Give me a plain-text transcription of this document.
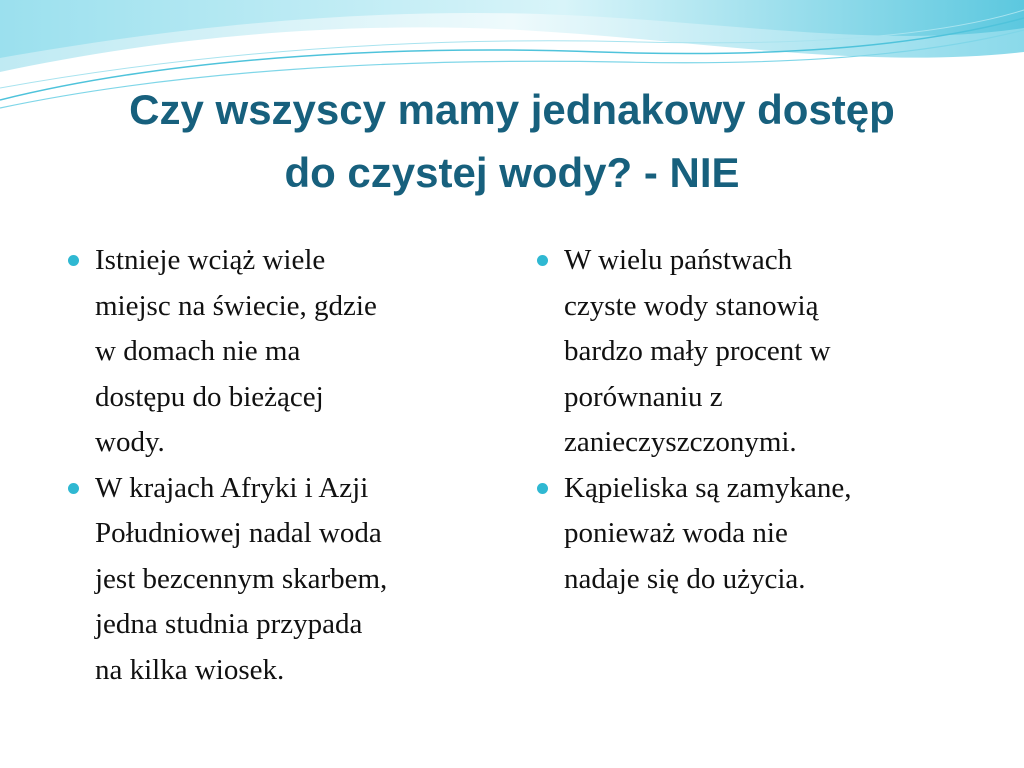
Czy wszyscy mamy jednakowy dostęp
do czystej wody? - NIE
Istnieje wciąż wiele
miejsc na świecie, gdzie
w domach nie ma
dostępu do bieżącej
wody.
W krajach Afryki i Azji
Południowej nadal woda
jest bezcennym skarbem,
jedna studnia przypada
na kilka wiosek.
W wielu państwach
czyste wody stanowią
bardzo mały procent w
porównaniu z
zanieczyszczonymi.
Kąpieliska są zamykane,
ponieważ woda nie
nadaje się do użycia.
